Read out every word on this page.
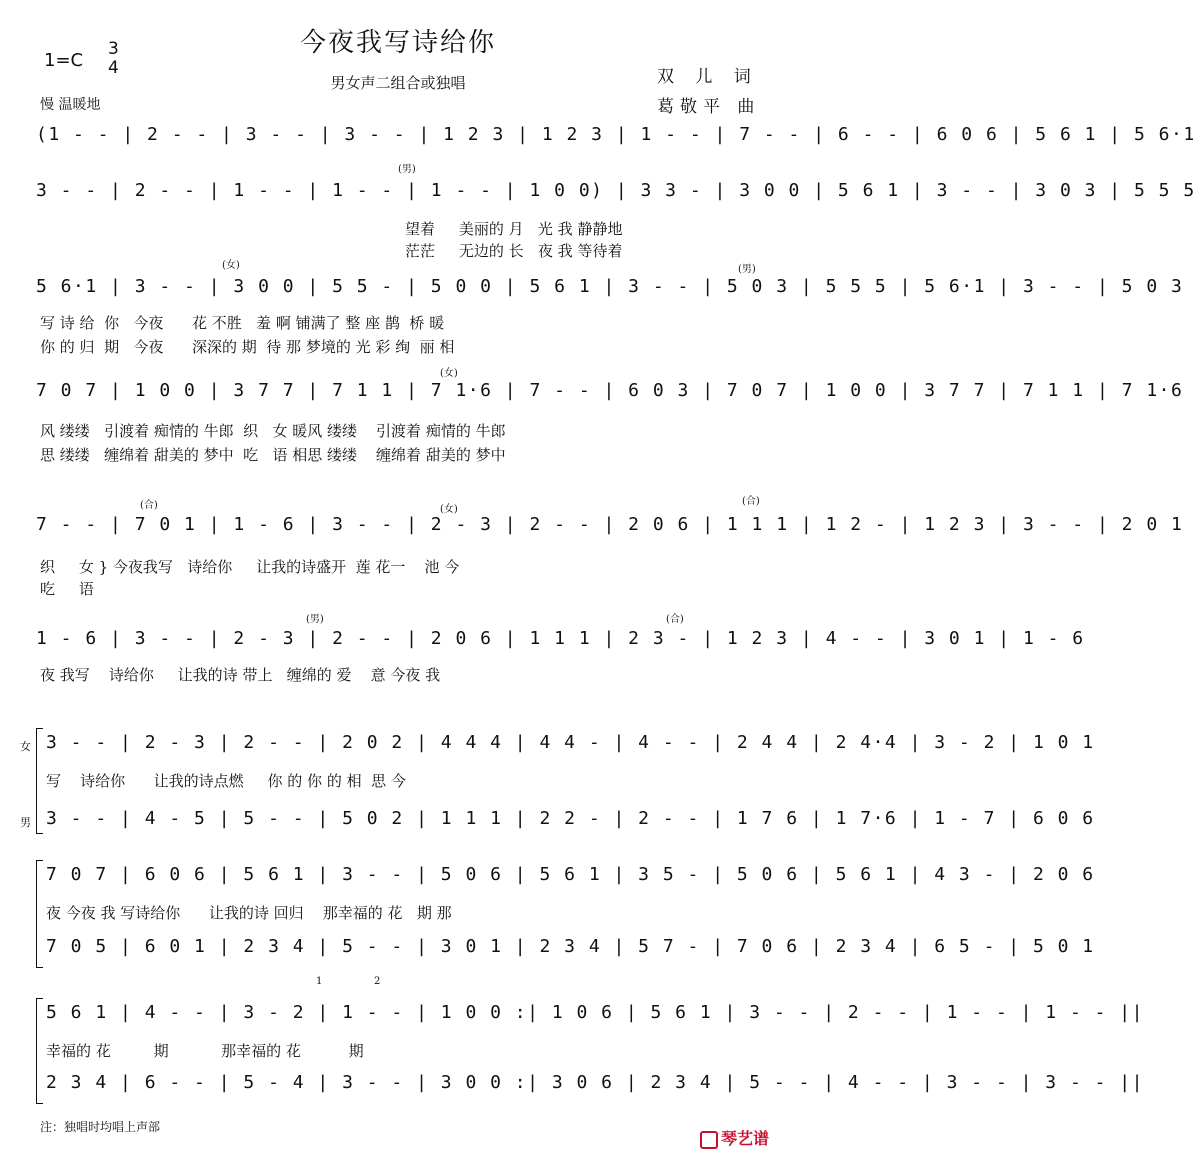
今夜我写诗给你
1=C
3
4
男女声二组合或独唱	双 儿 词
葛敬平 曲
慢 温暖地
(1 - - | 2 - - | 3 - - | 3 - - | 1 2 3 | 1 2 3 | 1 - - | 7 - - | 6 - - | 6 0 6 | 5 6 1 | 5 6·1
(男)
3 - - | 2 - - | 1 - - | 1 - - | 1 - - | 1 0 0) | 3 3 - | 3 0 0 | 5 6 1 | 3 - - | 3 0 3 | 5 5 5
望着     美丽的 月   光 我 静静地
茫茫     无边的 长   夜 我 等待着
(女)	(男)
5 6·1 | 3 - - | 3 0 0 | 5 5 - | 5 0 0 | 5 6 1 | 3 - - | 5 0 3 | 5 5 5 | 5 6·1 | 3 - - | 5 0 3
写 诗 给  你   今夜      花 不胜   羞 啊 铺满了 整 座 鹊  桥 暖
你 的 归  期   今夜      深深的 期  待 那 梦境的 光 彩 绚  丽 相
(女)
7 0 7 | 1 0 0 | 3 7 7 | 7 1 1 | 7 1·6 | 7 - - | 6 0 3 | 7 0 7 | 1 0 0 | 3 7 7 | 7 1 1 | 7 1·6
风 缕缕   引渡着 痴情的 牛郎  织   女 暖风 缕缕    引渡着 痴情的 牛郎
思 缕缕   缠绵着 甜美的 梦中  吃   语 相思 缕缕    缠绵着 甜美的 梦中
(合)	(女)
(合)
7 - - | 7 0 1 | 1 - 6 | 3 - - | 2 - 3 | 2 - - | 2 0 6 | 1 1 1 | 1 2 - | 1 2 3 | 3 - - | 2 0 1
织     女 } 今夜我写   诗给你     让我的诗盛开  莲 花一    池 今
吃     语
(男)	(合)
1 - 6 | 3 - - | 2 - 3 | 2 - - | 2 0 6 | 1 1 1 | 2 3 - | 1 2 3 | 4 - - | 3 0 1 | 1 - 6
夜 我写    诗给你     让我的诗 带上   缠绵的 爱    意 今夜 我
女 3 - - | 2 - 3 | 2 - - | 2 0 2 | 4 4 4 | 4 4 - | 4 - - | 2 4 4 | 2 4·4 | 3 - 2 | 1 0 1
写    诗给你      让我的诗点燃     你 的 你 的 相  思 今
男 3 - - | 4 - 5 | 5 - - | 5 0 2 | 1 1 1 | 2 2 - | 2 - - | 1 7 6 | 1 7·6 | 1 - 7 | 6 0 6
7 0 7 | 6 0 6 | 5 6 1 | 3 - - | 5 0 6 | 5 6 1 | 3 5 - | 5 0 6 | 5 6 1 | 4 3 - | 2 0 6
夜 今夜 我 写诗给你      让我的诗 回归    那幸福的 花   期 那
7 0 5 | 6 0 1 | 2 3 4 | 5 - - | 3 0 1 | 2 3 4 | 5 7 - | 7 0 6 | 2 3 4 | 6 5 - | 5 0 1
1	2
5 6 1 | 4 - - | 3 - 2 | 1 - - | 1 0 0 :| 1 0 6 | 5 6 1 | 3 - - | 2 - - | 1 - - | 1 - - ||
幸福的 花         期           那幸福的 花          期
2 3 4 | 6 - - | 5 - 4 | 3 - - | 3 0 0 :| 3 0 6 | 2 3 4 | 5 - - | 4 - - | 3 - - | 3 - - ||
注：独唱时均唱上声部
琴艺谱
